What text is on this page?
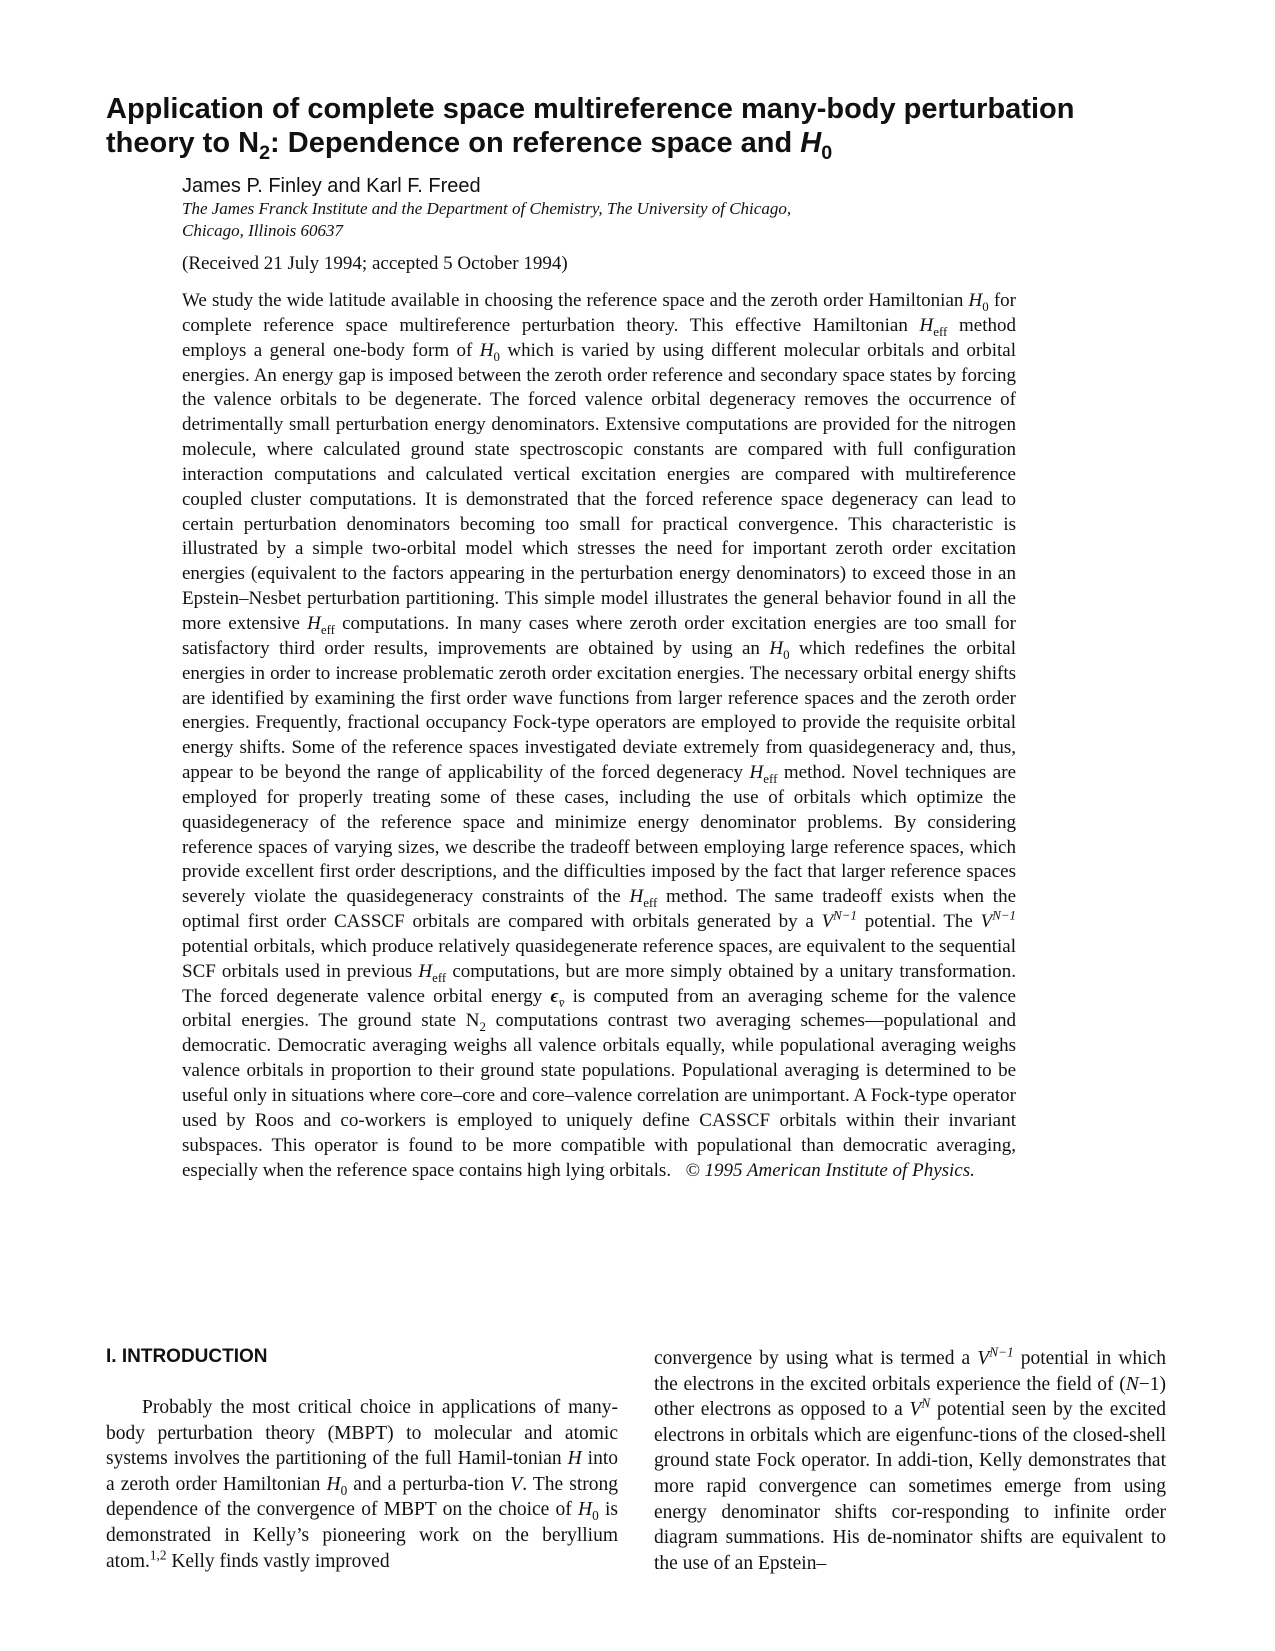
Application of complete space multireference many-body perturbation
theory to $N_2$: Dependence on reference space and $H_0$
James P. Finley and Karl F. Freed
The James Franck Institute and the Department of Chemistry, The University of Chicago,
Chicago, Illinois 60637
(Received 21 July 1994; accepted 5 October 1994)
We study the wide latitude available in choosing the reference space and the zeroth order Hamiltonian $H_0$ for complete reference space multireference perturbation theory. This effective Hamiltonian $H_{eff}$ method employs a general one-body form of $H_0$ which is varied by using different molecular orbitals and orbital energies. An energy gap is imposed between the zeroth order reference and secondary space states by forcing the valence orbitals to be degenerate. The forced valence orbital degeneracy removes the occurrence of detrimentally small perturbation energy denominators. Extensive computations are provided for the nitrogen molecule, where calculated ground state spectroscopic constants are compared with full configuration interaction computations and calculated vertical excitation energies are compared with multireference coupled cluster computations. It is demonstrated that the forced reference space degeneracy can lead to certain perturbation denominators becoming too small for practical convergence. This characteristic is illustrated by a simple two-orbital model which stresses the need for important zeroth order excitation energies (equivalent to the factors appearing in the perturbation energy denominators) to exceed those in an Epstein–Nesbet perturbation partitioning. This simple model illustrates the general behavior found in all the more extensive $H_{eff}$ computations. In many cases where zeroth order excitation energies are too small for satisfactory third order results, improvements are obtained by using an $H_0$ which redefines the orbital energies in order to increase problematic zeroth order excitation energies. The necessary orbital energy shifts are identified by examining the first order wave functions from larger reference spaces and the zeroth order energies. Frequently, fractional occupancy Fock-type operators are employed to provide the requisite orbital energy shifts. Some of the reference spaces investigated deviate extremely from quasidegeneracy and, thus, appear to be beyond the range of applicability of the forced degeneracy $H_{eff}$ method. Novel techniques are employed for properly treating some of these cases, including the use of orbitals which optimize the quasidegeneracy of the reference space and minimize energy denominator problems. By considering reference spaces of varying sizes, we describe the tradeoff between employing large reference spaces, which provide excellent first order descriptions, and the difficulties imposed by the fact that larger reference spaces severely violate the quasidegeneracy constraints of the $H_{eff}$ method. The same tradeoff exists when the optimal first order CASSCF orbitals are compared with orbitals generated by a $V^{N-1}$ potential. The $V^{N-1}$ potential orbitals, which produce relatively quasidegenerate reference spaces, are equivalent to the sequential SCF orbitals used in previous $H_{eff}$ computations, but are more simply obtained by a unitary transformation. The forced degenerate valence orbital energy $\epsilon_{v̄}$ is computed from an averaging scheme for the valence orbital energies. The ground state $N_2$ computations contrast two averaging schemes—populational and democratic. Democratic averaging weighs all valence orbitals equally, while populational averaging weighs valence orbitals in proportion to their ground state populations. Populational averaging is determined to be useful only in situations where core–core and core–valence correlation are unimportant. A Fock-type operator used by Roos and co-workers is employed to uniquely define CASSCF orbitals within their invariant subspaces. This operator is found to be more compatible with populational than democratic averaging, especially when the reference space contains high lying orbitals. © 1995 American Institute of Physics.
I. INTRODUCTION
Probably the most critical choice in applications of many-body perturbation theory (MBPT) to molecular and atomic systems involves the partitioning of the full Hamil-tonian H into a zeroth order Hamiltonian $H_0$ and a perturba-tion V. The strong dependence of the convergence of MBPT on the choice of $H_0$ is demonstrated in Kelly’s pioneering work on the beryllium atom.$^{1,2}$ Kelly finds vastly improved
convergence by using what is termed a $V^{N-1}$ potential in which the electrons in the excited orbitals experience the field of (N−1) other electrons as opposed to a $V^N$ potential seen by the excited electrons in orbitals which are eigenfunc-tions of the closed-shell ground state Fock operator. In addi-tion, Kelly demonstrates that more rapid convergence can sometimes emerge from using energy denominator shifts cor-responding to infinite order diagram summations. His de-nominator shifts are equivalent to the use of an Epstein–
